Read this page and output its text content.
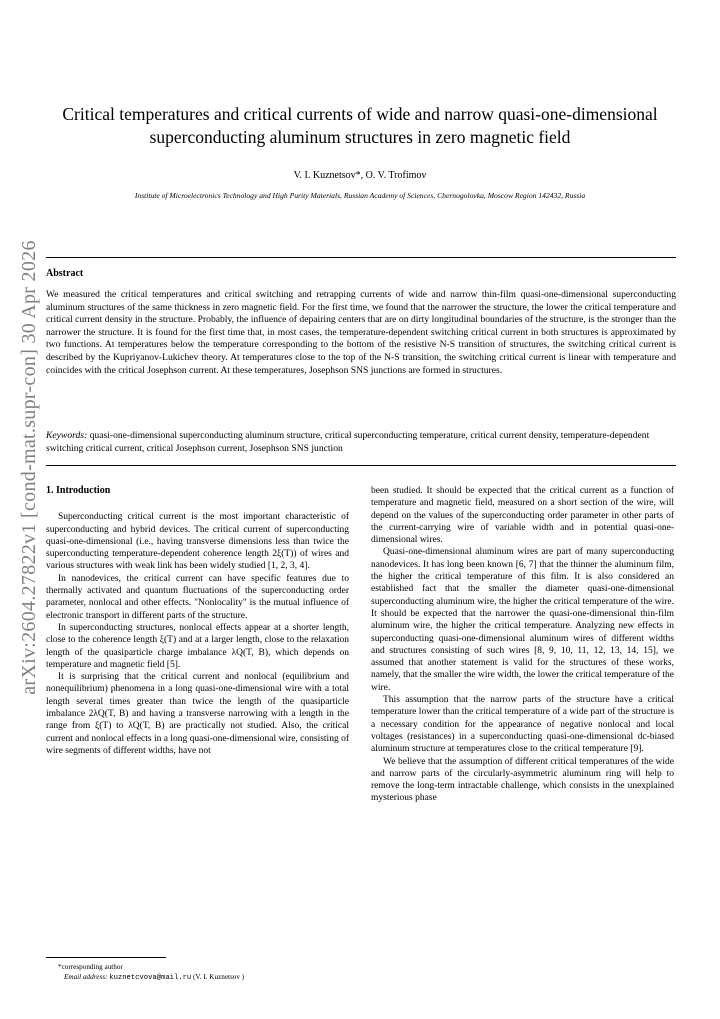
arXiv:2604.27822v1 [cond-mat.supr-con] 30 Apr 2026
Critical temperatures and critical currents of wide and narrow quasi-one-dimensional
superconducting aluminum structures in zero magnetic field
V. I. Kuznetsov*, O. V. Trofimov
Institute of Microelectronics Technology and High Purity Materials, Russian Academy of Sciences, Chernogolovka, Moscow Region 142432, Russia
Abstract
We measured the critical temperatures and critical switching and retrapping currents of wide and narrow thin-film quasi-one-dimensional superconducting aluminum structures of the same thickness in zero magnetic field. For the first time, we found that the narrower the structure, the lower the critical temperature and critical current density in the structure. Probably, the influence of depairing centers that are on dirty longitudinal boundaries of the structure, is the stronger than the narrower the structure. It is found for the first time that, in most cases, the temperature-dependent switching critical current in both structures is approximated by two functions. At temperatures below the temperature corresponding to the bottom of the resistive N-S transition of structures, the switching critical current is described by the Kupriyanov-Lukichev theory. At temperatures close to the top of the N-S transition, the switching critical current is linear with temperature and coincides with the critical Josephson current. At these temperatures, Josephson SNS junctions are formed in structures.
Keywords: quasi-one-dimensional superconducting aluminum structure, critical superconducting temperature, critical current density, temperature-dependent switching critical current, critical Josephson current, Josephson SNS junction
1. Introduction

Superconducting critical current is the most important characteristic of superconducting and hybrid devices. The critical current of superconducting quasi-one-dimensional (i.e., having transverse dimensions less than twice the superconducting temperature-dependent coherence length 2ξ(T)) of wires and various structures with weak link has been widely studied [1, 2, 3, 4].

In nanodevices, the critical current can have specific features due to thermally activated and quantum fluctuations of the superconducting order parameter, nonlocal and other effects. "Nonlocality" is the mutual influence of electronic transport in different parts of the structure.

In superconducting structures, nonlocal effects appear at a shorter length, close to the coherence length ξ(T) and at a larger length, close to the relaxation length of the quasiparticle charge imbalance λQ(T, B), which depends on temperature and magnetic field [5].

It is surprising that the critical current and nonlocal (equilibrium and nonequilibrium) phenomena in a long quasi-one-dimensional wire with a total length several times greater than twice the length of the quasiparticle imbalance 2λQ(T, B) and having a transverse narrowing with a length in the range from ξ(T) to λQ(T, B) are practically not studied. Also, the critical current and nonlocal effects in a long quasi-one-dimensional wire, consisting of wire segments of different widths, have not

been studied. It should be expected that the critical current as a function of temperature and magnetic field, measured on a short section of the wire, will depend on the values of the superconducting order parameter in other parts of the current-carrying wire of variable width and in potential quasi-one-dimensional wires.

Quasi-one-dimensional aluminum wires are part of many superconducting nanodevices. It has long been known [6, 7] that the thinner the aluminum film, the higher the critical temperature of this film. It is also considered an established fact that the smaller the diameter quasi-one-dimensional superconducting aluminum wire, the higher the critical temperature of the wire. It should be expected that the narrower the quasi-one-dimensional thin-film aluminum wire, the higher the critical temperature. Analyzing new effects in superconducting quasi-one-dimensional aluminum wires of different widths and structures consisting of such wires [8, 9, 10, 11, 12, 13, 14, 15], we assumed that another statement is valid for the structures of these works, namely, that the smaller the wire width, the lower the critical temperature of the wire.

This assumption that the narrow parts of the structure have a critical temperature lower than the critical temperature of a wide part of the structure is a necessary condition for the appearance of negative nonlocal and local voltages (resistances) in a superconducting quasi-one-dimensional dc-biased aluminum structure at temperatures close to the critical temperature [9].

We believe that the assumption of different critical temperatures of the wide and narrow parts of the circularly-asymmetric aluminum ring will help to remove the long-term intractable challenge, which consists in the unexplained mysterious phase

*corresponding author
Email address: kuznetcvova@mail.ru (V. I. Kuznetsov )
